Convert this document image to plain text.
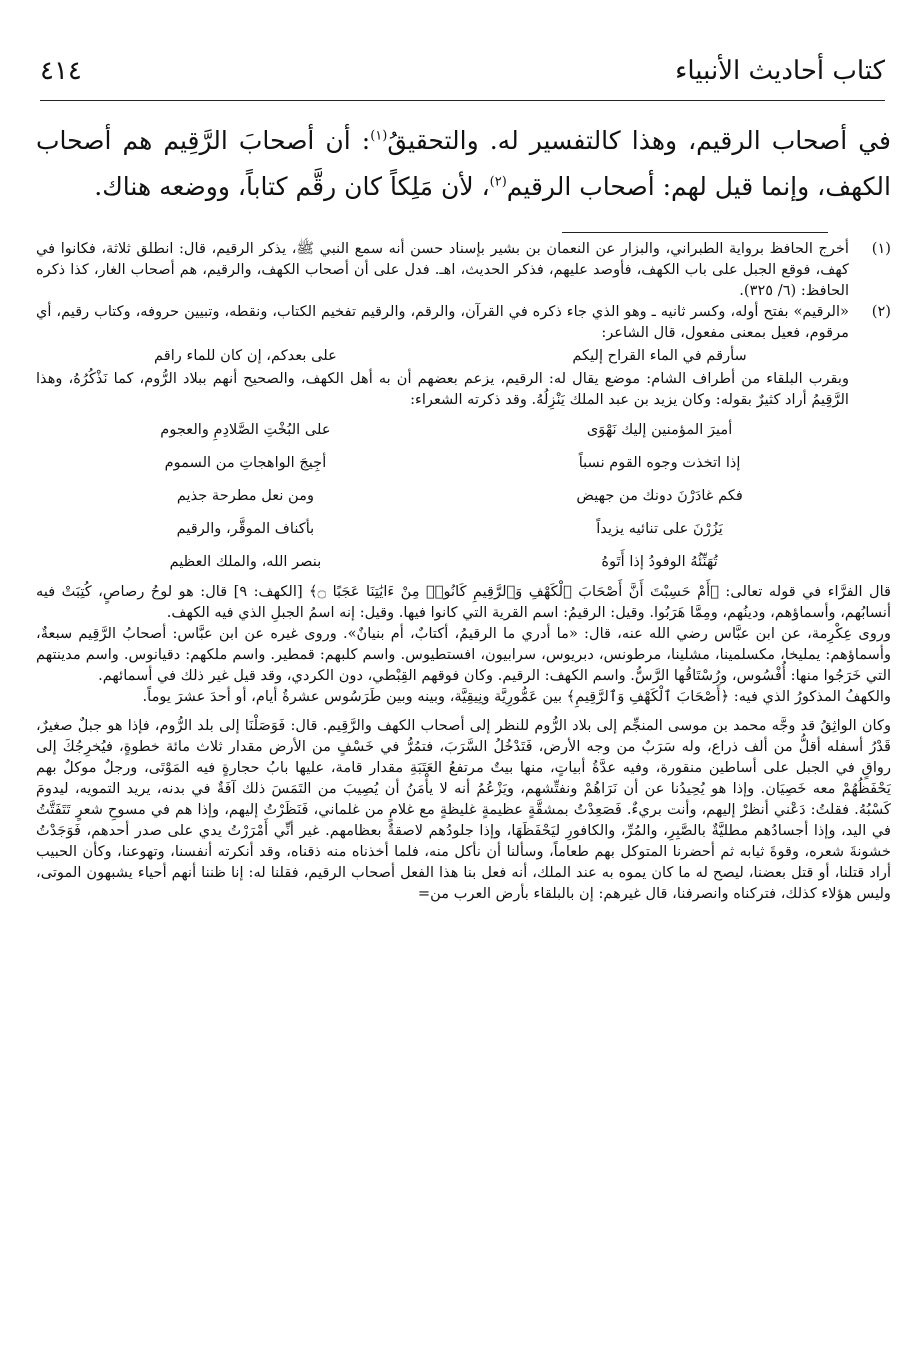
كتاب أحاديث الأنبياء
٤١٤

في أصحاب الرقيم، وهذا كالتفسير له. والتحقيقُ$^{(١)}$: أن أصحابَ الرَّقِيم هم أصحاب الكهف، وإنما قيل لهم: أصحاب الرقيم$^{(٢)}$، لأن مَلِكاً كان رقَّم كتاباً، ووضعه هناك.

(١)

أخرج الحافظ برواية الطبراني، والبزار عن النعمان بن بشير بإسناد حسن أنه سمع النبي ﷺ، يذكر الرقيم، قال: انطلق ثلاثة، فكانوا في كهف، فوقع الجبل على باب الكهف، فأوصد عليهم، فذكر الحديث، اهـ. فدل على أن أصحاب الكهف، والرقيم، هم أصحاب الغار، كذا ذكره الحافظ: (٦/ ٣٢٥).

(٢)

«الرقيم» بفتح أوله، وكسر ثانيه ـ وهو الذي جاء ذكره في القرآن، والرقم، والرقيم تفخيم الكتاب، ونقطه، وتبيين حروفه، وكتاب رقيم، أي مرقوم، فعيل بمعنى مفعول، قال الشاعر:

سأرقم في الماء القراح إليكم
على بعدكم، إن كان للماء راقم

وبقرب البلقاء من أطراف الشام: موضع يقال له: الرقيم، يزعم بعضهم أن به أهل الكهف، والصحيح أنهم ببلاد الرُّوم، كما نَذْكُرُهُ، وهذا الرَّقِيمُ أراد كثيرٌ بقوله: وكان يزيد بن عبد الملك يَنْزِلُهُ. وقد ذكرته الشعراء:

أميرَ المؤمنين إليك نَهْوَى
على البُخْتِ الصَّلادِمِ والعجوم
إذا اتخذت وجوه القوم نسباً
أجِيجَ الواهجاتِ من السموم
فكم غادَرْنَ دونك من جهيض
ومن نعل مطرحة جذيم
يَزُرْنَ على تنائيه يزيداً
بأكناف الموقَّر، والرقيم
تُهَنِّئُهُ الوفودُ إذا أَتَوهُ
بنصر الله، والملك العظيم

قال الفرَّاء في قوله تعالى: ﴿أَمْ حَسِبْتَ أَنَّ أَصْحَابَ ٱلْكَهْفِ وَٱلرَّقِيمِ كَانُوا۟ مِنْ ءَايَٰتِنَا عَجَبًا ۝﴾ [الكهف: ٩] قال: هو لوحُ رصاصٍ، كُتِبَتْ فيه أنسابُهم، وأسماؤهم، ودينُهم، ومِمَّا هَرَبُوا. وقيل: الرقيمُ: اسم القرية التي كانوا فيها. وقيل: إنه اسمُ الجبلِ الذي فيه الكهف.

وروى عِكْرِمة، عن ابن عبَّاس رضي الله عنه، قال: «ما أدري ما الرقيمُ، أكتابٌ، أم بنيانٌ». وروى غيره عن ابن عبَّاس: أصحابُ الرَّقِيم سبعةٌ، وأسماؤهم: يمليخا، مكسلمينا، مشلينا، مرطونس، دبريوس، سرابيون، افستطيوس. واسم كلبهم: قمطير. واسم ملكهم: دقيانوس. واسم مدينتهم التي خَرَجُوا منها: أُفْسُوس، ورُسْتَاقُها الرَّسُّ. واسم الكهف: الرقيم. وكان فوقهم القِبْطي، دون الكردي، وقد قيل غير ذلك في أسمائهم.

والكهفُ المذكورُ الذي فيه: ﴿أَصْحَابَ ٱلْكَهْفِ وَٱلرَّقِيمِ﴾ بين عَمُّورِيَّة ونِيقِيَّة، وبينه وبين طَرَسُوس عشرةُ أيام، أو أحدَ عشرَ يوماً.

وكان الواثِقُ قد وجَّه محمد بن موسى المنجِّم إلى بلاد الرُّوم للنظر إلى أصحاب الكهف والرَّقِيم. قال: فَوَصَلْنَا إلى بلد الرُّوم، فإذا هو جبلٌ صغيرٌ، قَدْرُ أسفله أقلُّ من ألف ذراع، وله سَرَبٌ من وجه الأرض، فَتَدْخُلُ السَّرَبَ، فتمُرُّ في خَسْفٍ من الأرض مقدار ثلاث مائة خطوةٍ، فيُخرِجُكَ إلى رواقٍ في الجبل على أساطين منقورة، وفيه عدَّةُ أبياتٍ، منها بيتٌ مرتفعُ العَتَبَةِ مقدار قامة، عليها بابُ حجارةٍ فيه المَوْتَى، ورجلٌ موكلٌ بهم يَحْفَظُهُمْ معه خَصِيَان. وإذا هو يُحِيدُنا عن أن نَرَاهُمْ ونفتِّشهم، ويَزْعُمُ أنه لا يأْمَنُ أن يُصِيبَ من التَمَسَ ذلك آفَةٌ في بدنه، يريد التمويه، ليدومَ كَسْبُهُ. فقلتُ: دَعْني أنظرْ إليهم، وأنت بريءٌ. فَصَعِدْتُ بمشقَّةٍ عظيمةٍ غليظةٍ مع غلامٍ من غلماني، فَنَظَرْتُ إليهم، وإذا هم في مسوحِ شعرٍ تَتَفَتَّتُ في اليد، وإذا أجسادُهم مطليَّةٌ بالصَّبِرِ، والمُرِّ، والكافورِ ليَحْفَظَهَا، وإذا جلودُهم لاصقةٌ بعظامهم. غير أنِّي أَمْرَرْتُ يدي على صدر أحدهم، فَوَجَدْتُ خشونةَ شعره، وقوةَ ثيابه ثم أحضرنا المتوكل بهم طعاماً، وسألنا أن نأكل منه، فلما أخذناه منه ذقناه، وقد أنكرته أنفسنا، وتهوعنا، وكأن الحبيب أراد قتلنا، أو قتل بعضنا، ليصح له ما كان يموه به عند الملك، أنه فعل بنا هذا الفعل أصحاب الرقيم، فقلنا له: إنا ظننا أنهم أحياء يشبهون الموتى، وليس هؤلاء كذلك، فتركناه وانصرفنا، قال غيرهم: إن بالبلقاء بأرض العرب من=
